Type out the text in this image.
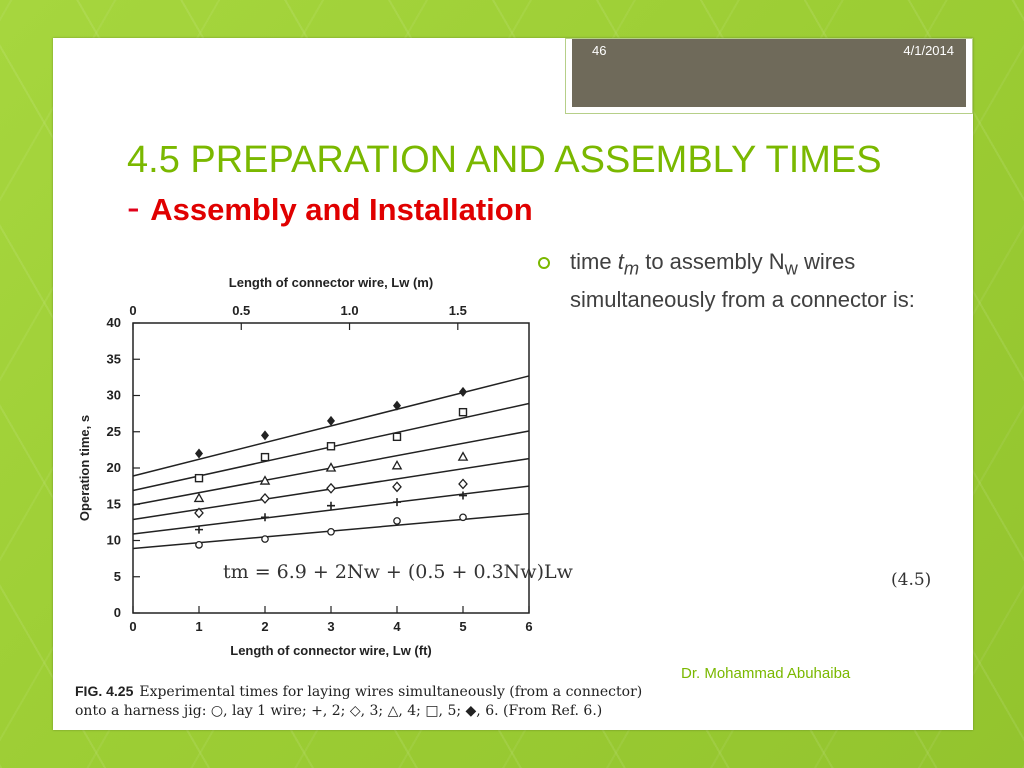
46	4/1/2014
4.5 PREPARATION AND ASSEMBLY TIMES - Assembly and Installation
time $t_m$ to assembly $N_w$ wires simultaneously from a connector is:
0
5
10
15
20
25
30
35
40
0	1	2	3	4	5	6
0	0.5	1.0	1.5
Length of connector wire, Lw (ft)
Length of connector wire, Lw (m)
Operation time, s
tm = 6.9 + 2Nw + (0.5 + 0.3Nw)Lw	(4.5)
Dr. Mohammad Abuhaiba
FIG. 4.25 Experimental times for laying wires simultaneously (from a connector) onto a harness jig: ○, lay 1 wire; +, 2; ◇, 3; △, 4; □, 5; ◆, 6. (From Ref. 6.)
